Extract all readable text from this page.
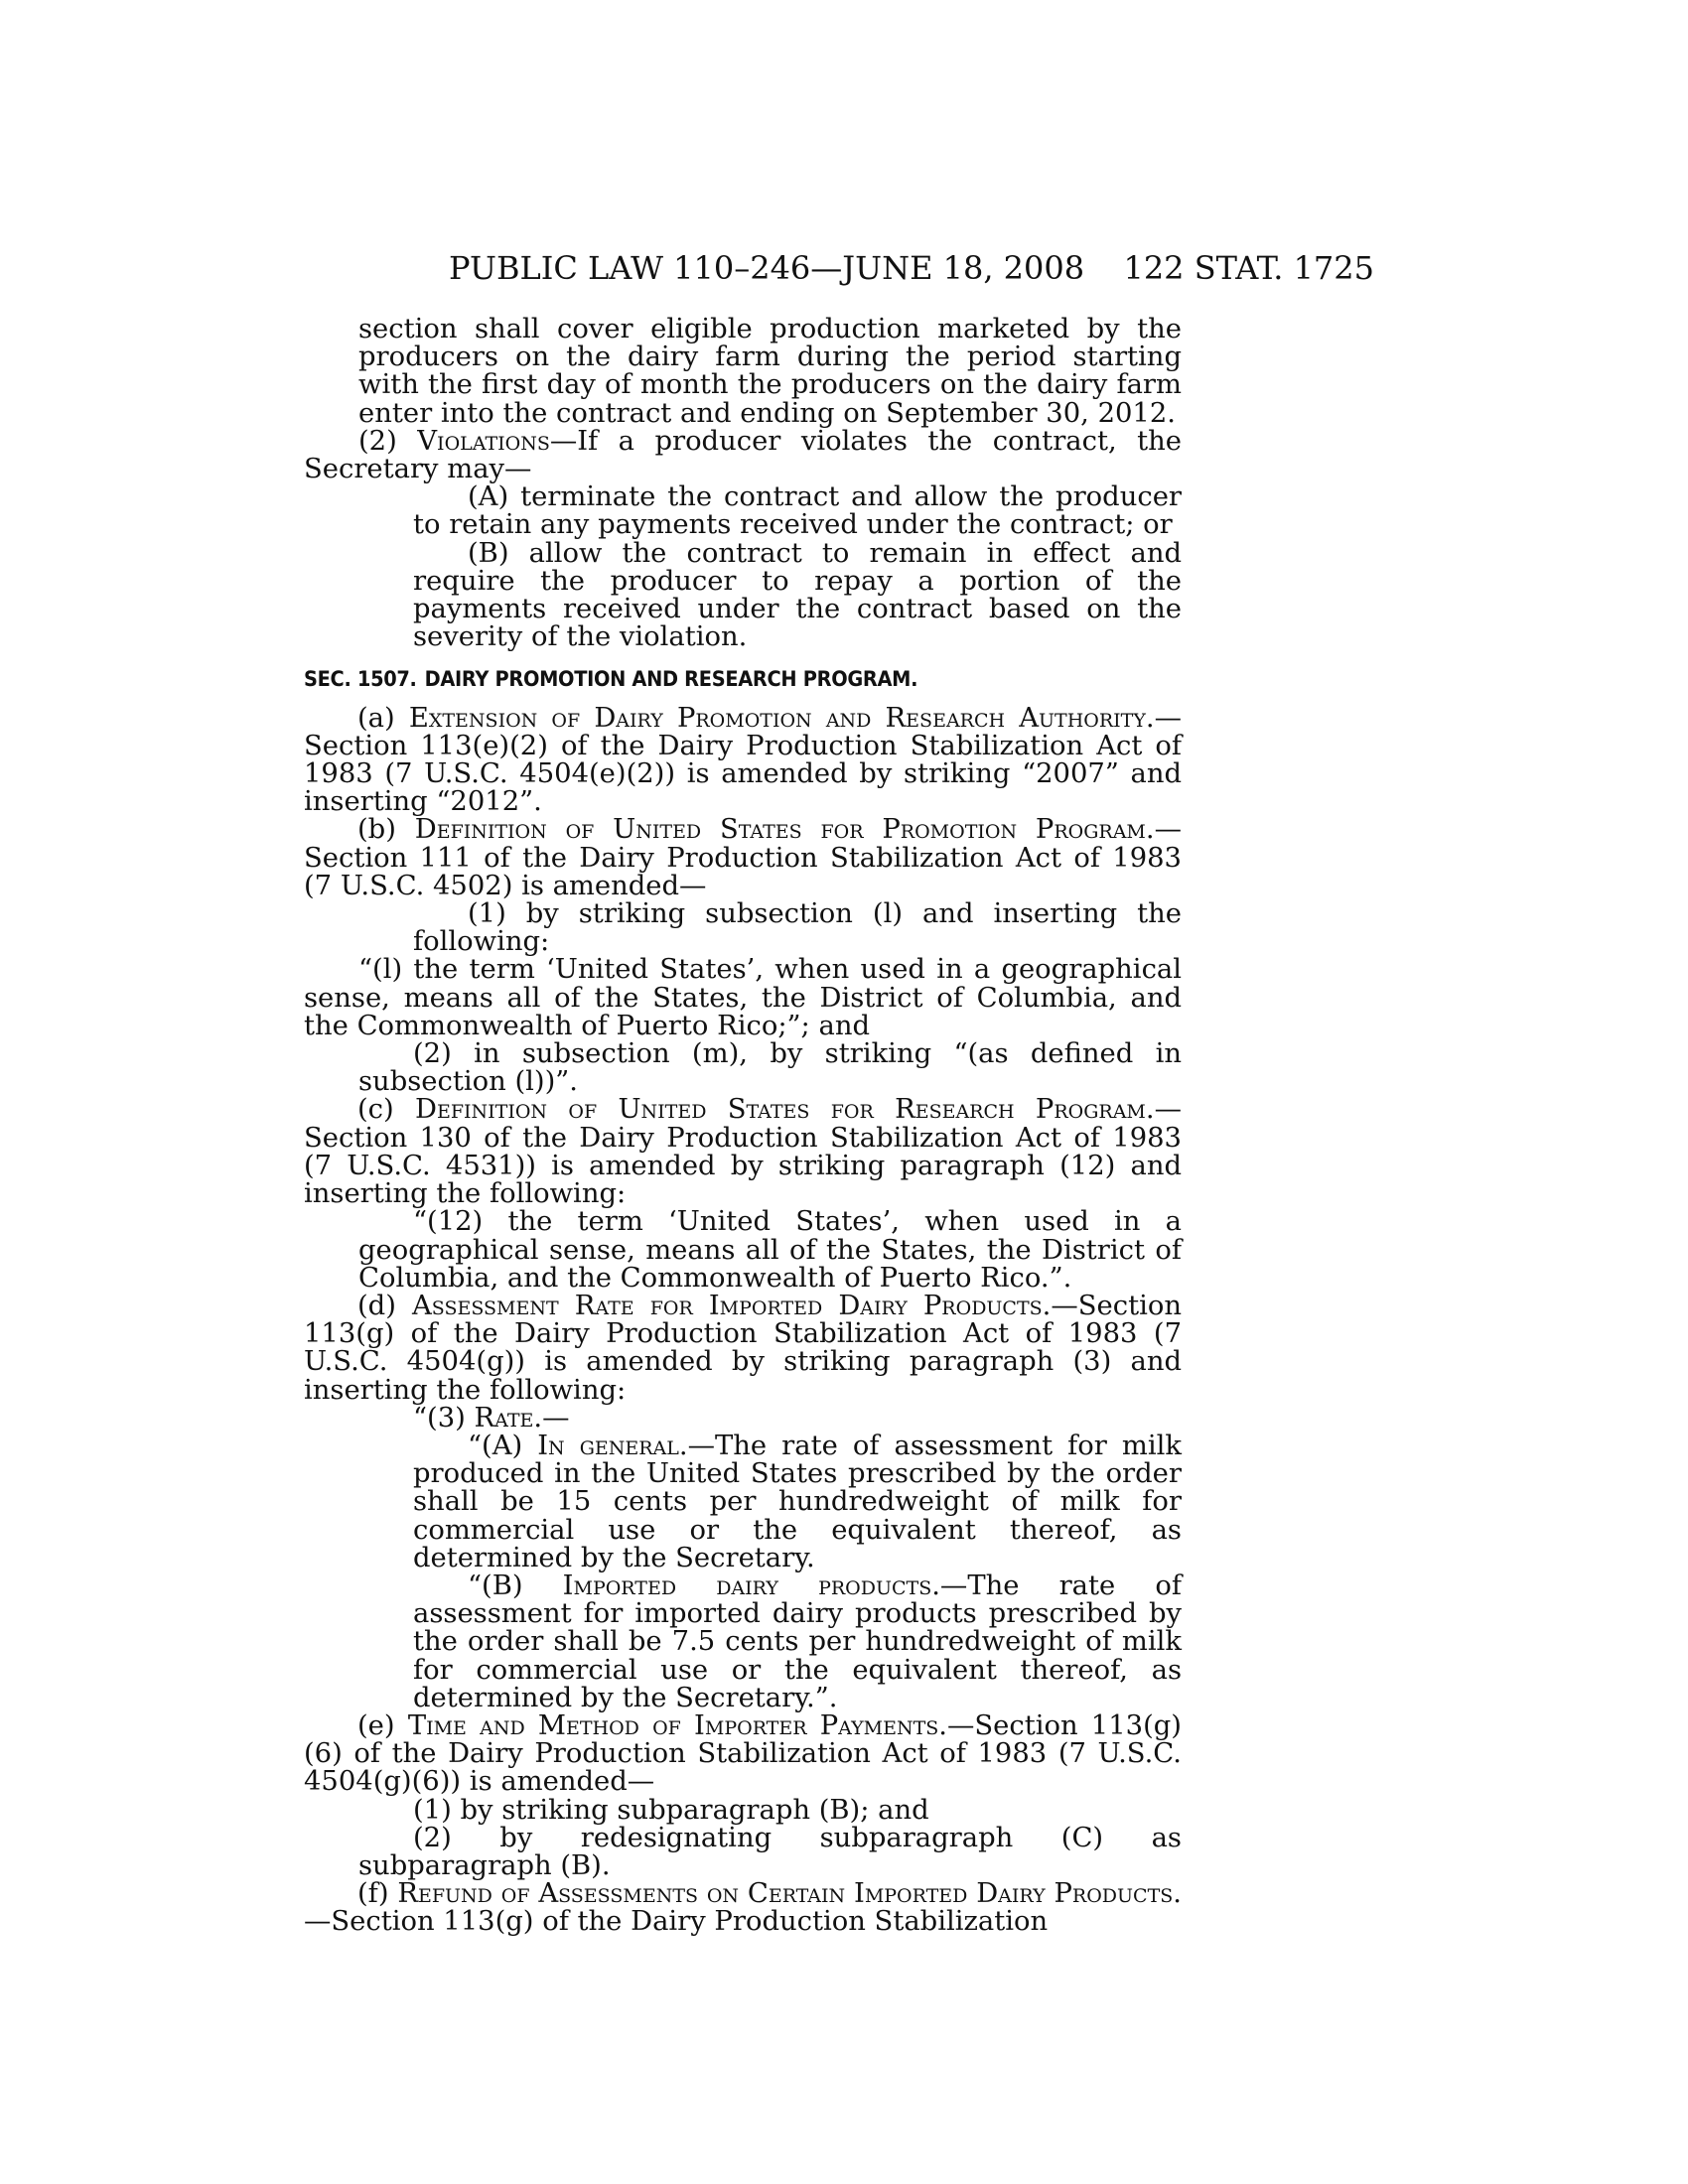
PUBLIC LAW 110–246—JUNE 18, 2008 122 STAT. 1725

section shall cover eligible production marketed by the producers on the dairy farm during the period starting with the first day of month the producers on the dairy farm enter into the contract and ending on September 30, 2012.

(2) Violations—If a producer violates the contract, the Secretary may—

(A) terminate the contract and allow the producer to retain any payments received under the contract; or

(B) allow the contract to remain in effect and require the producer to repay a portion of the payments received under the contract based on the severity of the violation.

SEC. 1507. DAIRY PROMOTION AND RESEARCH PROGRAM.

(a) Extension of Dairy Promotion and Research Authority.—Section 113(e)(2) of the Dairy Production Stabilization Act of 1983 (7 U.S.C. 4504(e)(2)) is amended by striking “2007” and inserting “2012”.

(b) Definition of United States for Promotion Program.— Section 111 of the Dairy Production Stabilization Act of 1983 (7 U.S.C. 4502) is amended—

(1) by striking subsection (l) and inserting the following:

“(l) the term ‘United States’, when used in a geographical sense, means all of the States, the District of Columbia, and the Commonwealth of Puerto Rico;”; and

(2) in subsection (m), by striking “(as defined in subsection (l))”.

(c) Definition of United States for Research Program.— Section 130 of the Dairy Production Stabilization Act of 1983 (7 U.S.C. 4531)) is amended by striking paragraph (12) and inserting the following:

“(12) the term ‘United States’, when used in a geographical sense, means all of the States, the District of Columbia, and the Commonwealth of Puerto Rico.”.

(d) Assessment Rate for Imported Dairy Products.—Section 113(g) of the Dairy Production Stabilization Act of 1983 (7 U.S.C. 4504(g)) is amended by striking paragraph (3) and inserting the following:

“(3) Rate.—

“(A) In general.—The rate of assessment for milk produced in the United States prescribed by the order shall be 15 cents per hundredweight of milk for commercial use or the equivalent thereof, as determined by the Secretary.

“(B) Imported dairy products.—The rate of assessment for imported dairy products prescribed by the order shall be 7.5 cents per hundredweight of milk for commercial use or the equivalent thereof, as determined by the Secretary.”.

(e) Time and Method of Importer Payments.—Section 113(g)(6) of the Dairy Production Stabilization Act of 1983 (7 U.S.C. 4504(g)(6)) is amended—

(1) by striking subparagraph (B); and

(2) by redesignating subparagraph (C) as subparagraph (B).

(f) Refund of Assessments on Certain Imported Dairy Products.—Section 113(g) of the Dairy Production Stabilization
